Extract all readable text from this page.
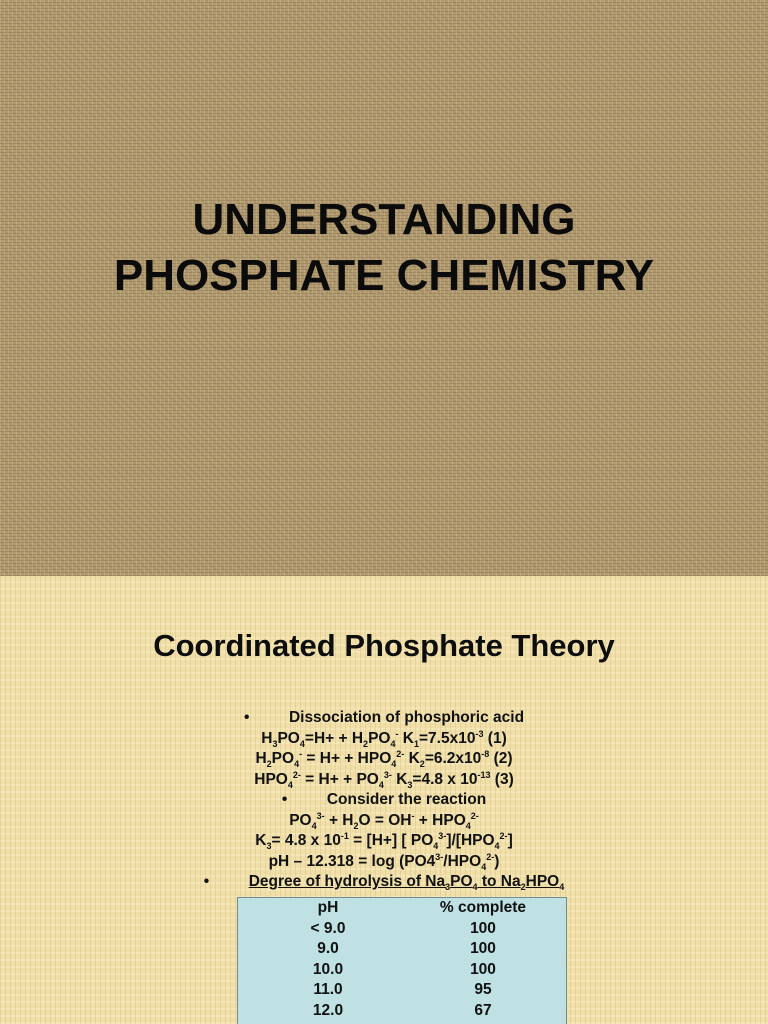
UNDERSTANDING
PHOSPHATE CHEMISTRY
Coordinated Phosphate Theory
•	Dissociation of phosphoric acid
$H_3PO_4=H+ + H_2PO_4^-$ $K_1=7.5x10^{-3}$ (1)
$H_2PO_4^- = H+ + HPO_4^{2-}$ $K_2=6.2x10^{-8}$ (2)
$HPO_4^{2-} = H+ + PO_4^{3-}$ $K_3=4.8$ x $10^{-13}$ (3)
•	Consider the reaction
$PO_4^{3-} + H_2O = OH^- + HPO_4^{2-}$
$K_3= 4.8$ x $10^{-1} = [H+]$ [ $PO_4^{3-}]/[HPO_4^{2-}]$
pH – $12.318 = \log (PO4^{3-}/HPO_4^{2-})$
•	Degree of hydrolysis of $Na_3PO_4$ to $Na_2HPO_4$
pH	% complete
< 9.0	100
9.0	100
10.0	100
11.0	95
12.0	67
